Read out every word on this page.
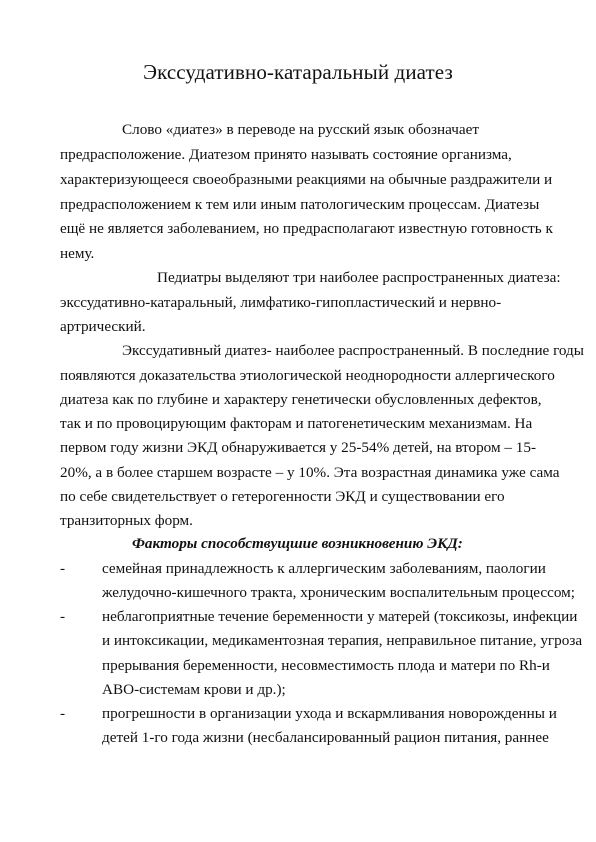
Экссудативно-катаральный диатез

Слово «диатез» в переводе на русский язык обозначает

предрасположение. Диатезом принято называть состояние организма,

характеризующееся своеобразными реакциями на обычные раздражители и

предрасположением к тем или иным патологическим процессам. Диатезы

ещё не является заболеванием, но предрасполагают известную готовность к

нему.

Педиатры выделяют три наиболее распространенных диатеза:

экссудативно-катаральный, лимфатико-гипопластический и нервно-

артрический.

Экссудативный диатез- наиболее распространенный. В последние годы

появляются доказательства этиологической неоднородности аллергического

диатеза как по глубине и характеру генетически обусловленных дефектов,

так и по провоцирующим факторам и патогенетическим механизмам. На

первом году жизни ЭКД обнаруживается у 25-54% детей, на втором – 15-

20%, а в более старшем возрасте – у 10%. Эта возрастная динамика уже сама

по себе свидетельствует о гетерогенности ЭКД и существовании его

транзиторных форм.

Факторы способствущшие возникновению ЭКД:
- семейная принадлежность к аллергическим заболеваниям, паологии

желудочно-кишечного тракта, хроническим воспалительным процессом;

- неблагоприятные течение беременности у матерей (токсикозы, инфекции

и интоксикации, медикаментозная терапия, неправильное питание, угроза

прерывания беременности, несовместимость плода и матери по Rh-и

АВО-системам крови и др.);

- прогрешности в организации ухода и вскармливания новорожденны и

детей 1-го года жизни (несбалансированный рацион питания, раннее
